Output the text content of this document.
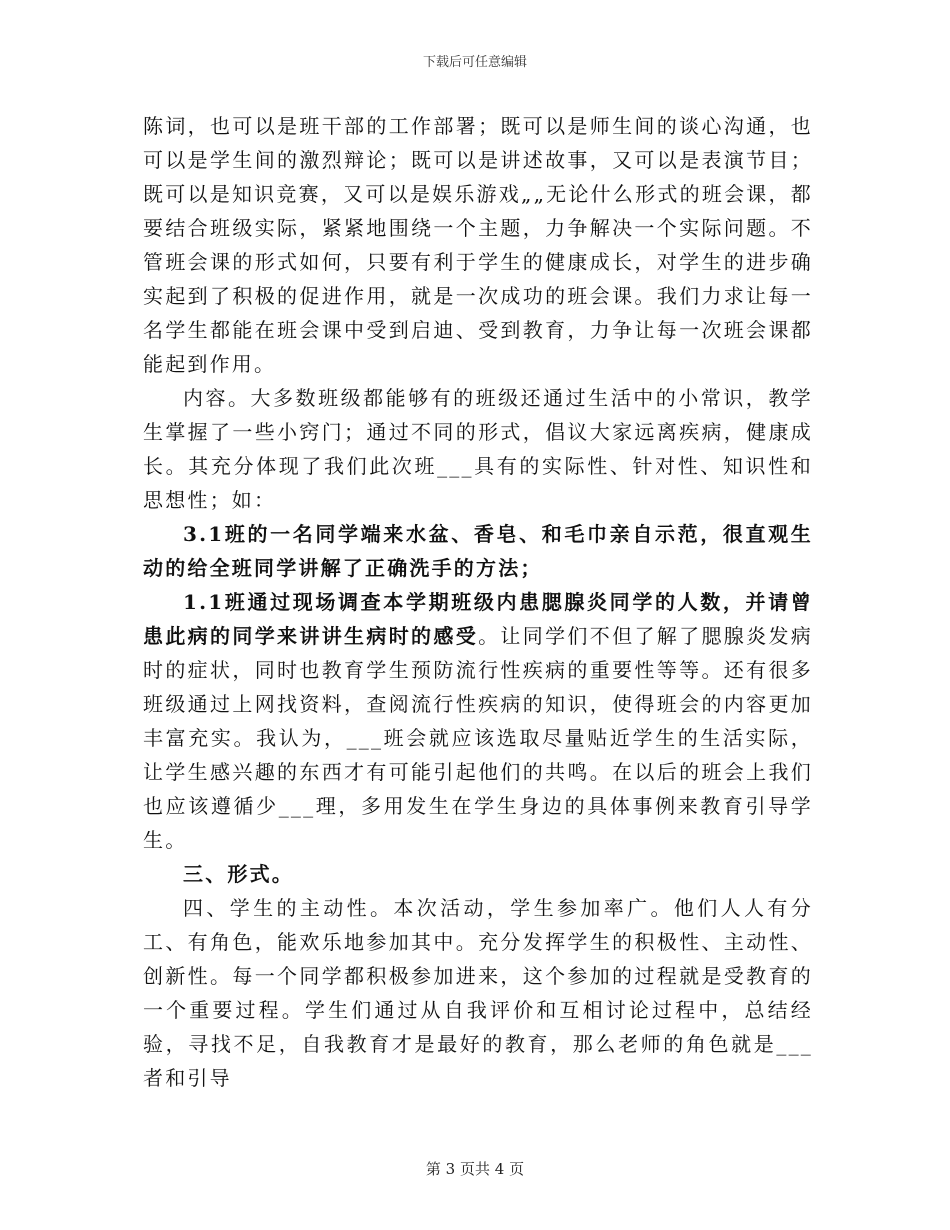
下载后可任意编辑

陈词，也可以是班干部的工作部署；既可以是师生间的谈心沟通，也可以是学生间的激烈辩论；既可以是讲述故事，又可以是表演节目；既可以是知识竞赛，又可以是娱乐游戏„„无论什么形式的班会课，都要结合班级实际，紧紧地围绕一个主题，力争解决一个实际问题。不管班会课的形式如何，只要有利于学生的健康成长，对学生的进步确实起到了积极的促进作用，就是一次成功的班会课。我们力求让每一名学生都能在班会课中受到启迪、受到教育，力争让每一次班会课都能起到作用。

内容。大多数班级都能够有的班级还通过生活中的小常识，教学生掌握了一些小窍门；通过不同的形式，倡议大家远离疾病，健康成长。其充分体现了我们此次班___具有的实际性、针对性、知识性和思想性；如：

3.1班的一名同学端来水盆、香皂、和毛巾亲自示范，很直观生动的给全班同学讲解了正确洗手的方法；

1.1班通过现场调查本学期班级内患腮腺炎同学的人数，并请曾患此病的同学来讲讲生病时的感受。让同学们不但了解了腮腺炎发病时的症状，同时也教育学生预防流行性疾病的重要性等等。还有很多班级通过上网找资料，查阅流行性疾病的知识，使得班会的内容更加丰富充实。我认为，___班会就应该选取尽量贴近学生的生活实际，让学生感兴趣的东西才有可能引起他们的共鸣。在以后的班会上我们也应该遵循少___理，多用发生在学生身边的具体事例来教育引导学生。

三、形式。

四、学生的主动性。本次活动，学生参加率广。他们人人有分工、有角色，能欢乐地参加其中。充分发挥学生的积极性、主动性、创新性。每一个同学都积极参加进来，这个参加的过程就是受教育的一个重要过程。学生们通过从自我评价和互相讨论过程中，总结经验，寻找不足，自我教育才是最好的教育，那么老师的角色就是___者和引导

第 3 页共 4 页
